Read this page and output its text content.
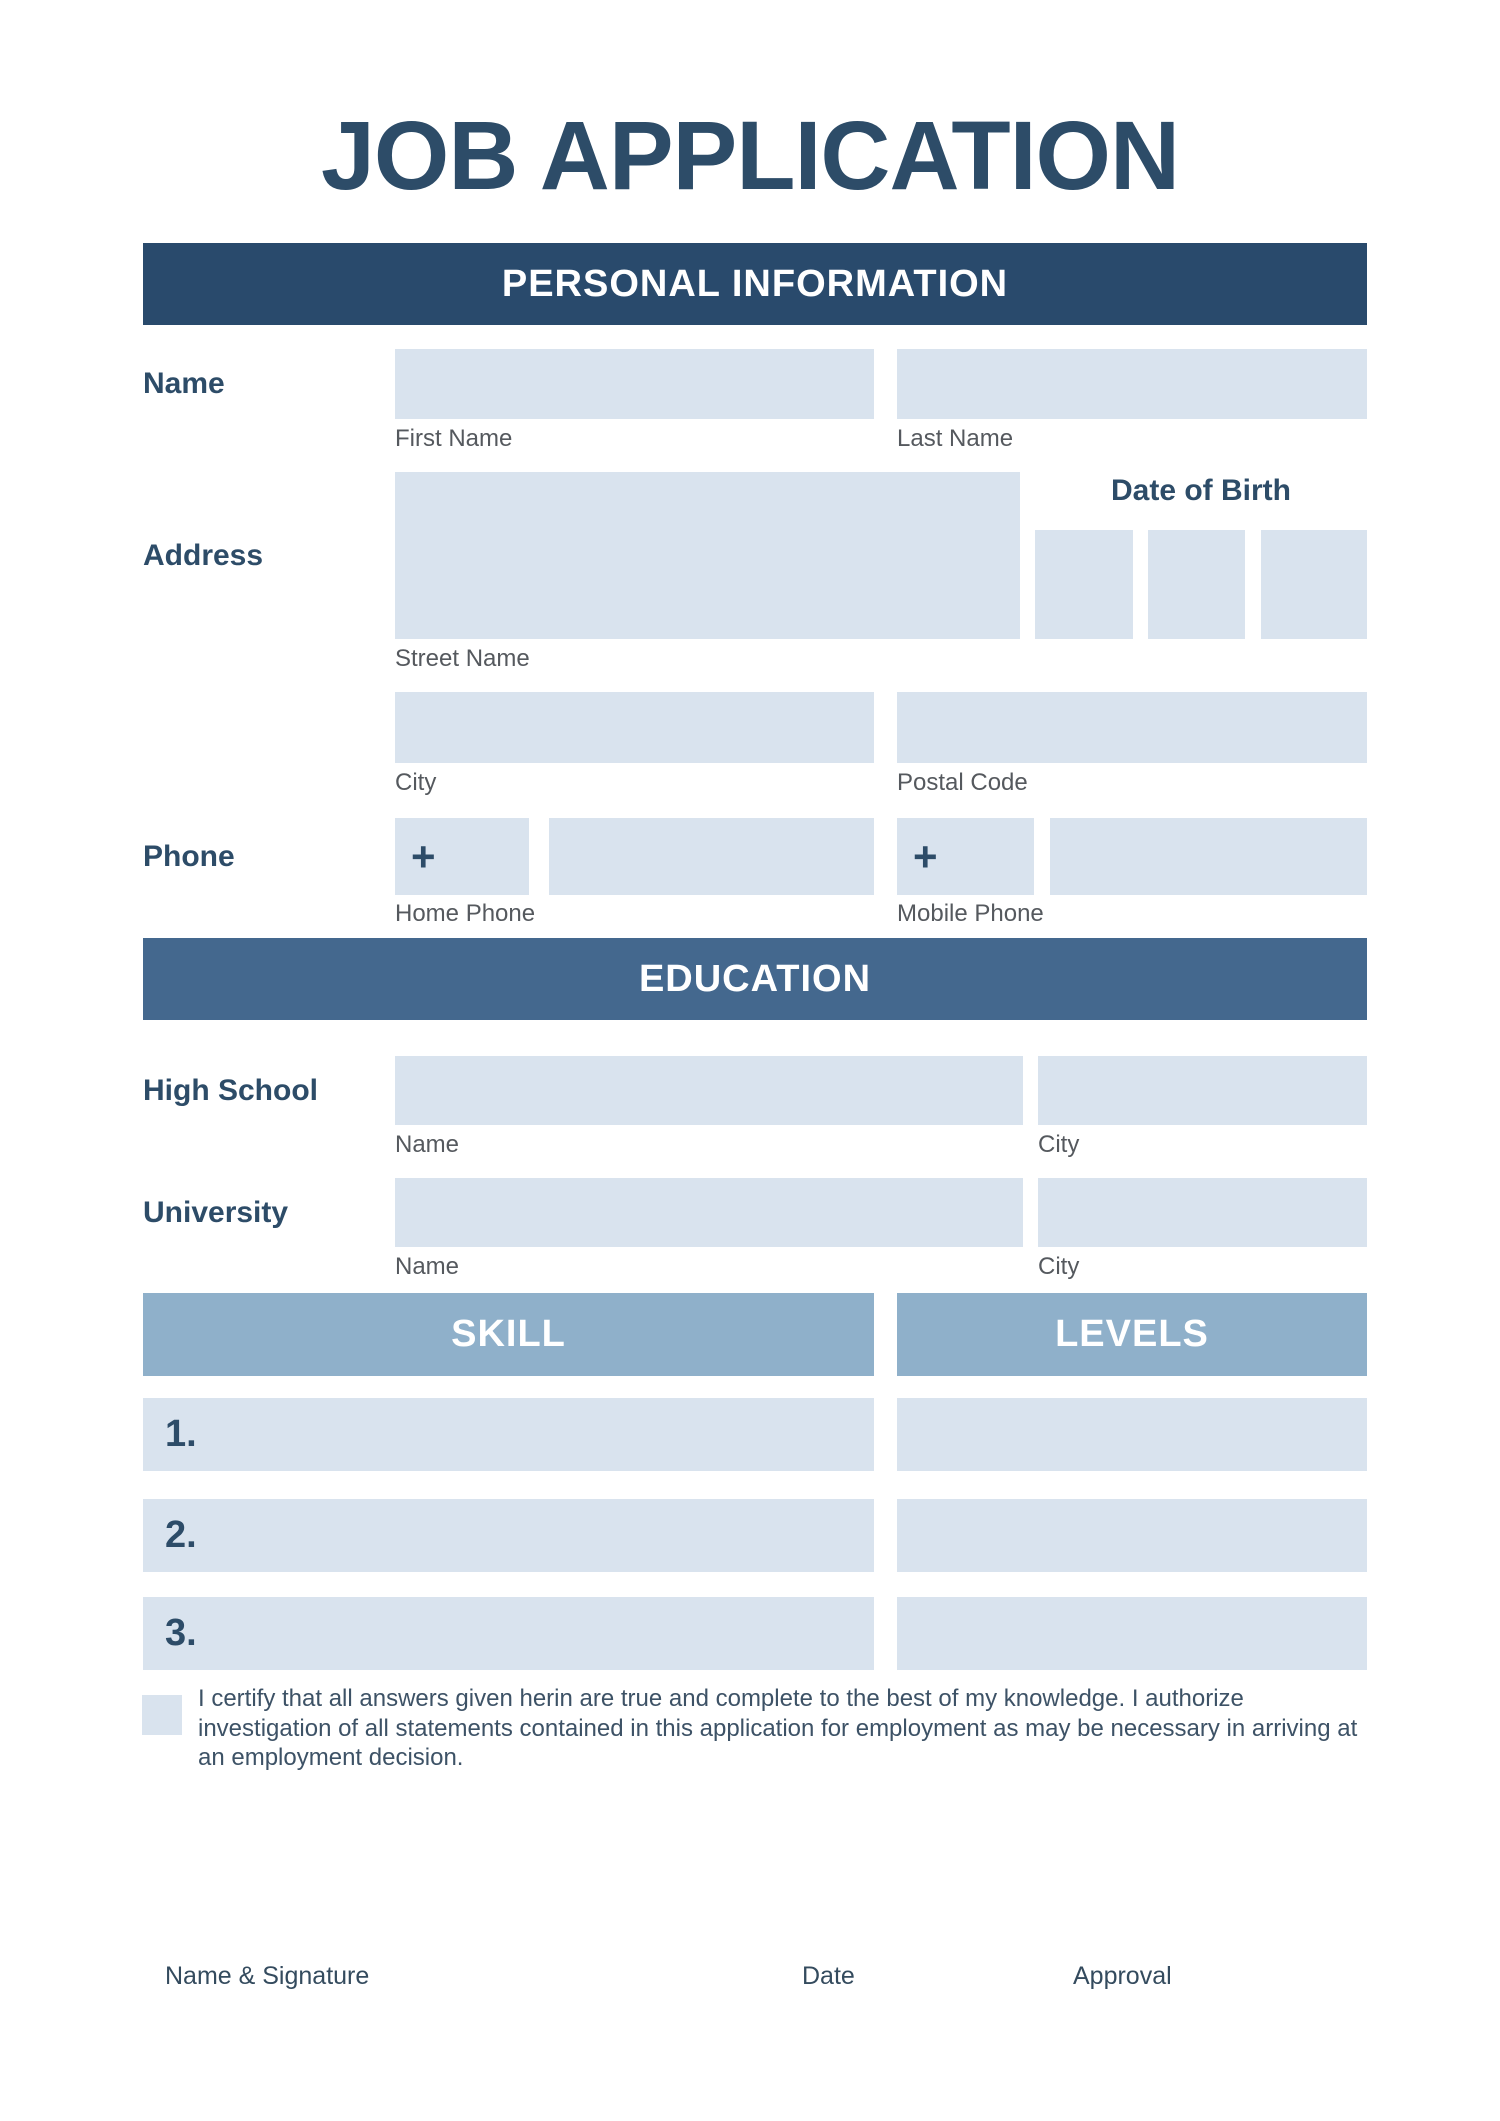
JOB APPLICATION
PERSONAL INFORMATION
Name
First Name	Last Name
Address
Date of Birth
Street Name
City	Postal Code
Phone	+	+
Home Phone	Mobile Phone
EDUCATION
High School
Name	City
University
Name	City
SKILL	LEVELS
1.
2.
3.
I certify that all answers given herin are true and complete to the best of my knowledge. I authorize investigation of all statements contained in this application for employment as may be necessary in arriving at an employment decision.
Name & Signature	Date	Approval
